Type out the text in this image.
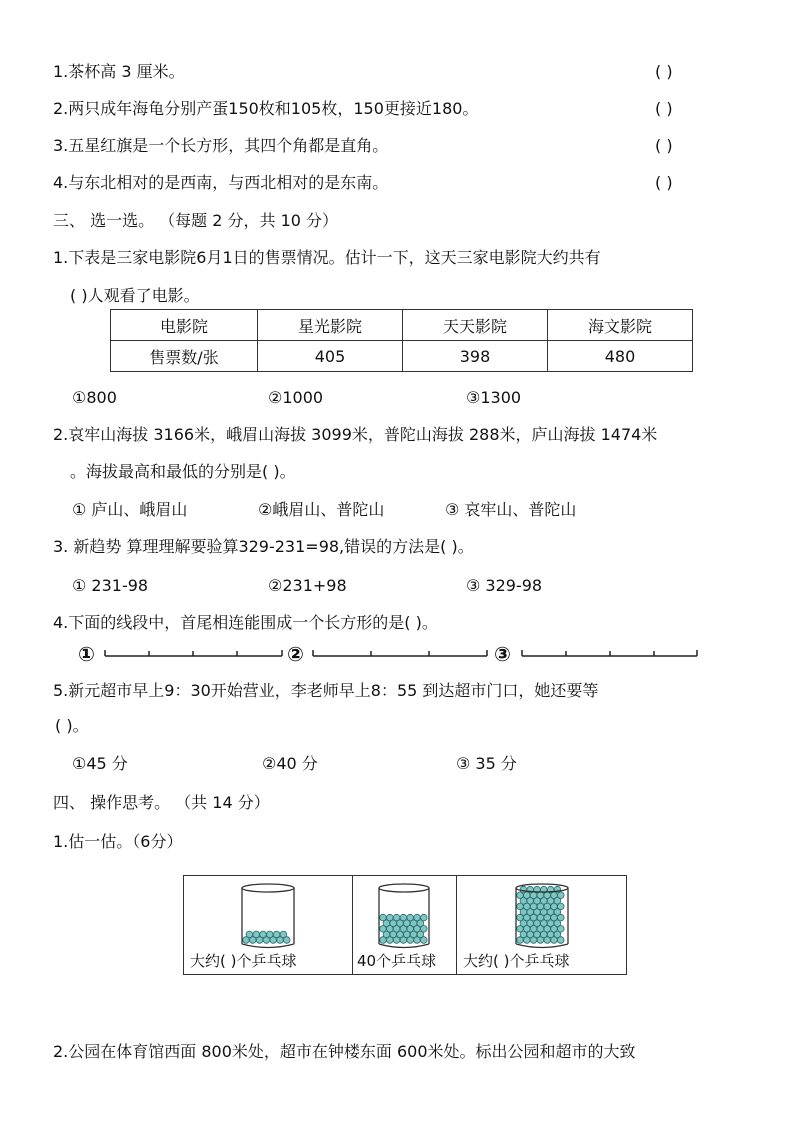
1.茶杯高 3 厘米。	( )
2.两只成年海龟分别产蛋150枚和105枚，150更接近180。	( )
3.五星红旗是一个长方形，其四个角都是直角。	( )
4.与东北相对的是西南，与西北相对的是东南。	( )
三、 选一选。 （每题 2 分，共 10 分）
1.下表是三家电影院6月1日的售票情况。估计一下，这天三家电影院大约共有
( )人观看了电影。
电影院	星光影院	天天影院	海文影院
售票数/张	405	398	480
①800	②1000	③1300
2.哀牢山海拔 3166米，峨眉山海拔 3099米，普陀山海拔 288米，庐山海拔 1474米
。海拔最高和最低的分别是( )。
① 庐山、峨眉山	②峨眉山、普陀山	③ 哀牢山、普陀山
3. 新趋势 算理理解要验算329-231=98,错误的方法是( )。
① 231-98	②231+98	③ 329-98
4.下面的线段中，首尾相连能围成一个长方形的是( )。
①	②	③
5.新元超市早上9：30开始营业，李老师早上8：55 到达超市门口，她还要等
( )。
①45 分	②40 分	③ 35 分
四、 操作思考。 （共 14 分）
1.估一估。（6分）
大约( )个乒乓球	40个乒乓球 大约( )个乒乓球
2.公园在体育馆西面 800米处，超市在钟楼东面 600米处。标出公园和超市的大致
